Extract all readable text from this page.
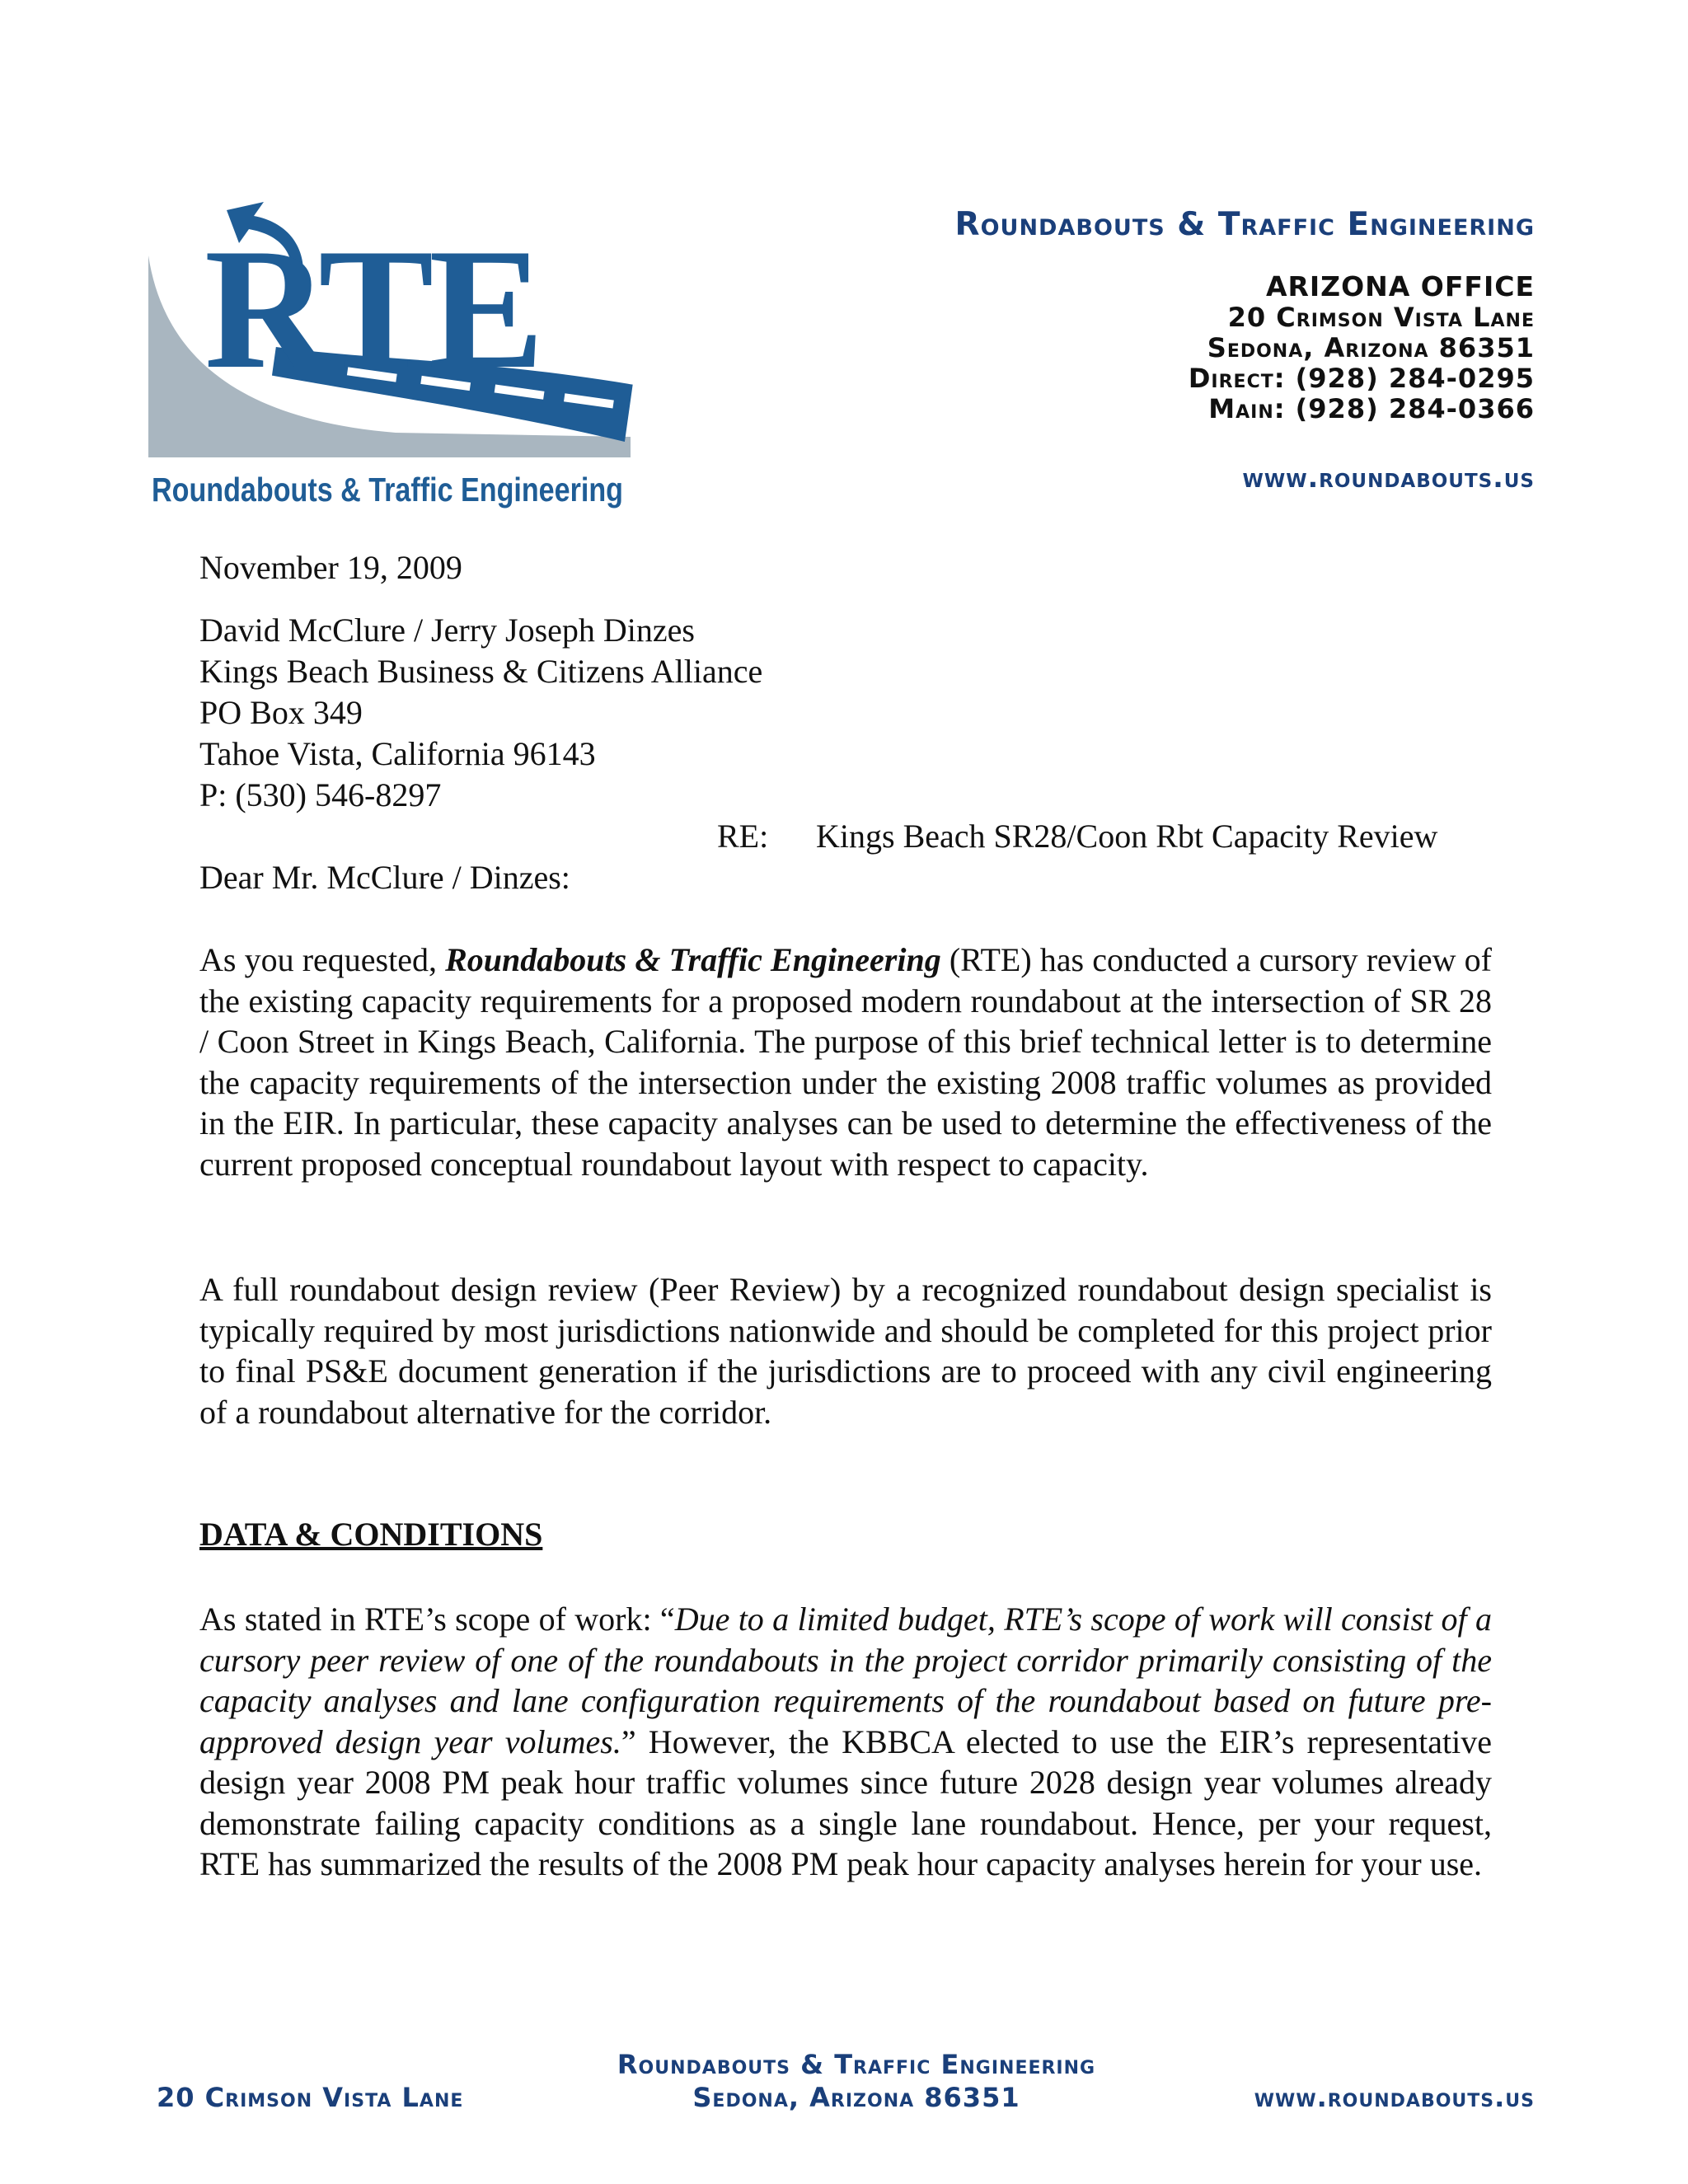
RTE
Roundabouts & Traffic Engineering
Roundabouts & Traffic Engineering
ARIZONA OFFICE
20 Crimson Vista Lane
Sedona, Arizona 86351
Direct: (928) 284-0295
Main: (928) 284-0366
www.roundabouts.us
November 19, 2009
David McClure / Jerry Joseph Dinzes
Kings Beach Business & Citizens Alliance
PO Box 349
Tahoe Vista, California 96143
P: (530) 546-8297
RE: Kings Beach SR28/Coon Rbt Capacity Review
Dear Mr. McClure / Dinzes:
As you requested, Roundabouts & Traffic Engineering (RTE) has conducted a cursory review of the existing capacity requirements for a proposed modern roundabout at the intersection of SR 28 / Coon Street in Kings Beach, California. The purpose of this brief technical letter is to determine the capacity requirements of the intersection under the existing 2008 traffic volumes as provided in the EIR. In particular, these capacity analyses can be used to determine the effectiveness of the current proposed conceptual roundabout layout with respect to capacity.
A full roundabout design review (Peer Review) by a recognized roundabout design specialist is typically required by most jurisdictions nationwide and should be completed for this project prior to final PS&E document generation if the jurisdictions are to proceed with any civil engineering of a roundabout alternative for the corridor.
DATA & CONDITIONS
As stated in RTE’s scope of work: “Due to a limited budget, RTE’s scope of work will consist of a cursory peer review of one of the roundabouts in the project corridor primarily consisting of the capacity analyses and lane configuration requirements of the roundabout based on future pre-approved design year volumes.” However, the KBBCA elected to use the EIR’s representative design year 2008 PM peak hour traffic volumes since future 2028 design year volumes already demonstrate failing capacity conditions as a single lane roundabout. Hence, per your request, RTE has summarized the results of the 2008 PM peak hour capacity analyses herein for your use.
Roundabouts & Traffic Engineering
20 Crimson Vista Lane	Sedona, Arizona 86351	www.roundabouts.us
